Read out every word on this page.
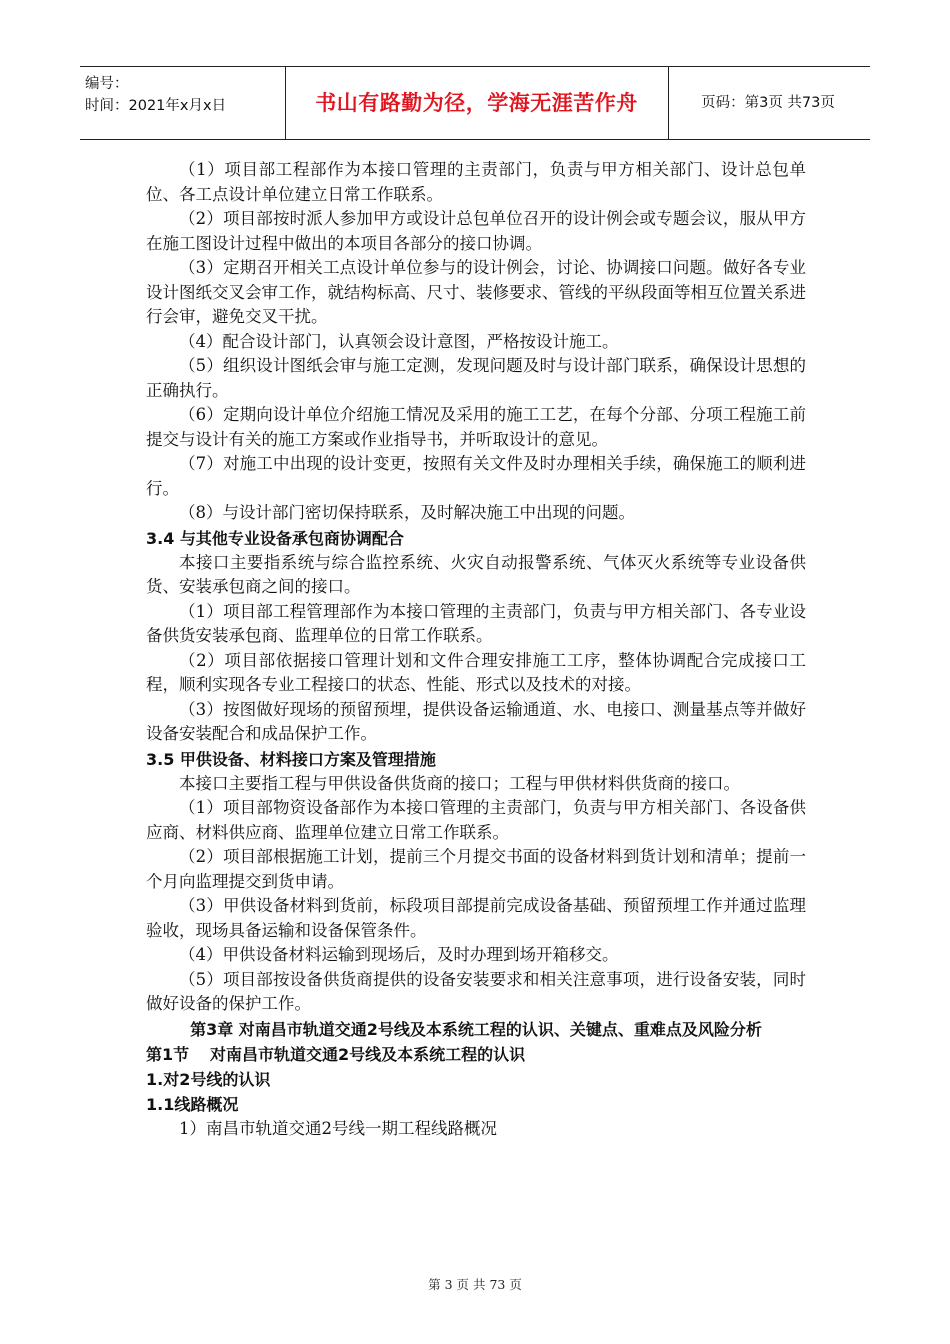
编号：
时间：2021年x月x日	书山有路勤为径，学海无涯苦作舟	页码：第3页 共73页

（1）项目部工程部作为本接口管理的主责部门，负责与甲方相关部门、设计总包单位、各工点设计单位建立日常工作联系。

（2）项目部按时派人参加甲方或设计总包单位召开的设计例会或专题会议，服从甲方在施工图设计过程中做出的本项目各部分的接口协调。

（3）定期召开相关工点设计单位参与的设计例会，讨论、协调接口问题。做好各专业设计图纸交叉会审工作，就结构标高、尺寸、装修要求、管线的平纵段面等相互位置关系进行会审，避免交叉干扰。

（4）配合设计部门，认真领会设计意图，严格按设计施工。

（5）组织设计图纸会审与施工定测，发现问题及时与设计部门联系，确保设计思想的正确执行。

（6）定期向设计单位介绍施工情况及采用的施工工艺，在每个分部、分项工程施工前提交与设计有关的施工方案或作业指导书，并听取设计的意见。

（7）对施工中出现的设计变更，按照有关文件及时办理相关手续，确保施工的顺利进行。

（8）与设计部门密切保持联系，及时解决施工中出现的问题。

3.4 与其他专业设备承包商协调配合

本接口主要指系统与综合监控系统、火灾自动报警系统、气体灭火系统等专业设备供货、安装承包商之间的接口。

（1）项目部工程管理部作为本接口管理的主责部门，负责与甲方相关部门、各专业设备供货安装承包商、监理单位的日常工作联系。

（2）项目部依据接口管理计划和文件合理安排施工工序，整体协调配合完成接口工程，顺利实现各专业工程接口的状态、性能、形式以及技术的对接。

（3）按图做好现场的预留预埋，提供设备运输通道、水、电接口、测量基点等并做好设备安装配合和成品保护工作。

3.5 甲供设备、材料接口方案及管理措施

本接口主要指工程与甲供设备供货商的接口；工程与甲供材料供货商的接口。

（1）项目部物资设备部作为本接口管理的主责部门，负责与甲方相关部门、各设备供应商、材料供应商、监理单位建立日常工作联系。

（2）项目部根据施工计划，提前三个月提交书面的设备材料到货计划和清单；提前一个月向监理提交到货申请。

（3）甲供设备材料到货前，标段项目部提前完成设备基础、预留预埋工作并通过监理验收，现场具备运输和设备保管条件。

（4）甲供设备材料运输到现场后，及时办理到场开箱移交。

（5）项目部按设备供货商提供的设备安装要求和相关注意事项，进行设备安装，同时做好设备的保护工作。

第3章 对南昌市轨道交通2号线及本系统工程的认识、关键点、重难点及风险分析

第1节 对南昌市轨道交通2号线及本系统工程的认识

1.对2号线的认识

1.1线路概况

1）南昌市轨道交通2号线一期工程线路概况

第 3 页 共 73 页
